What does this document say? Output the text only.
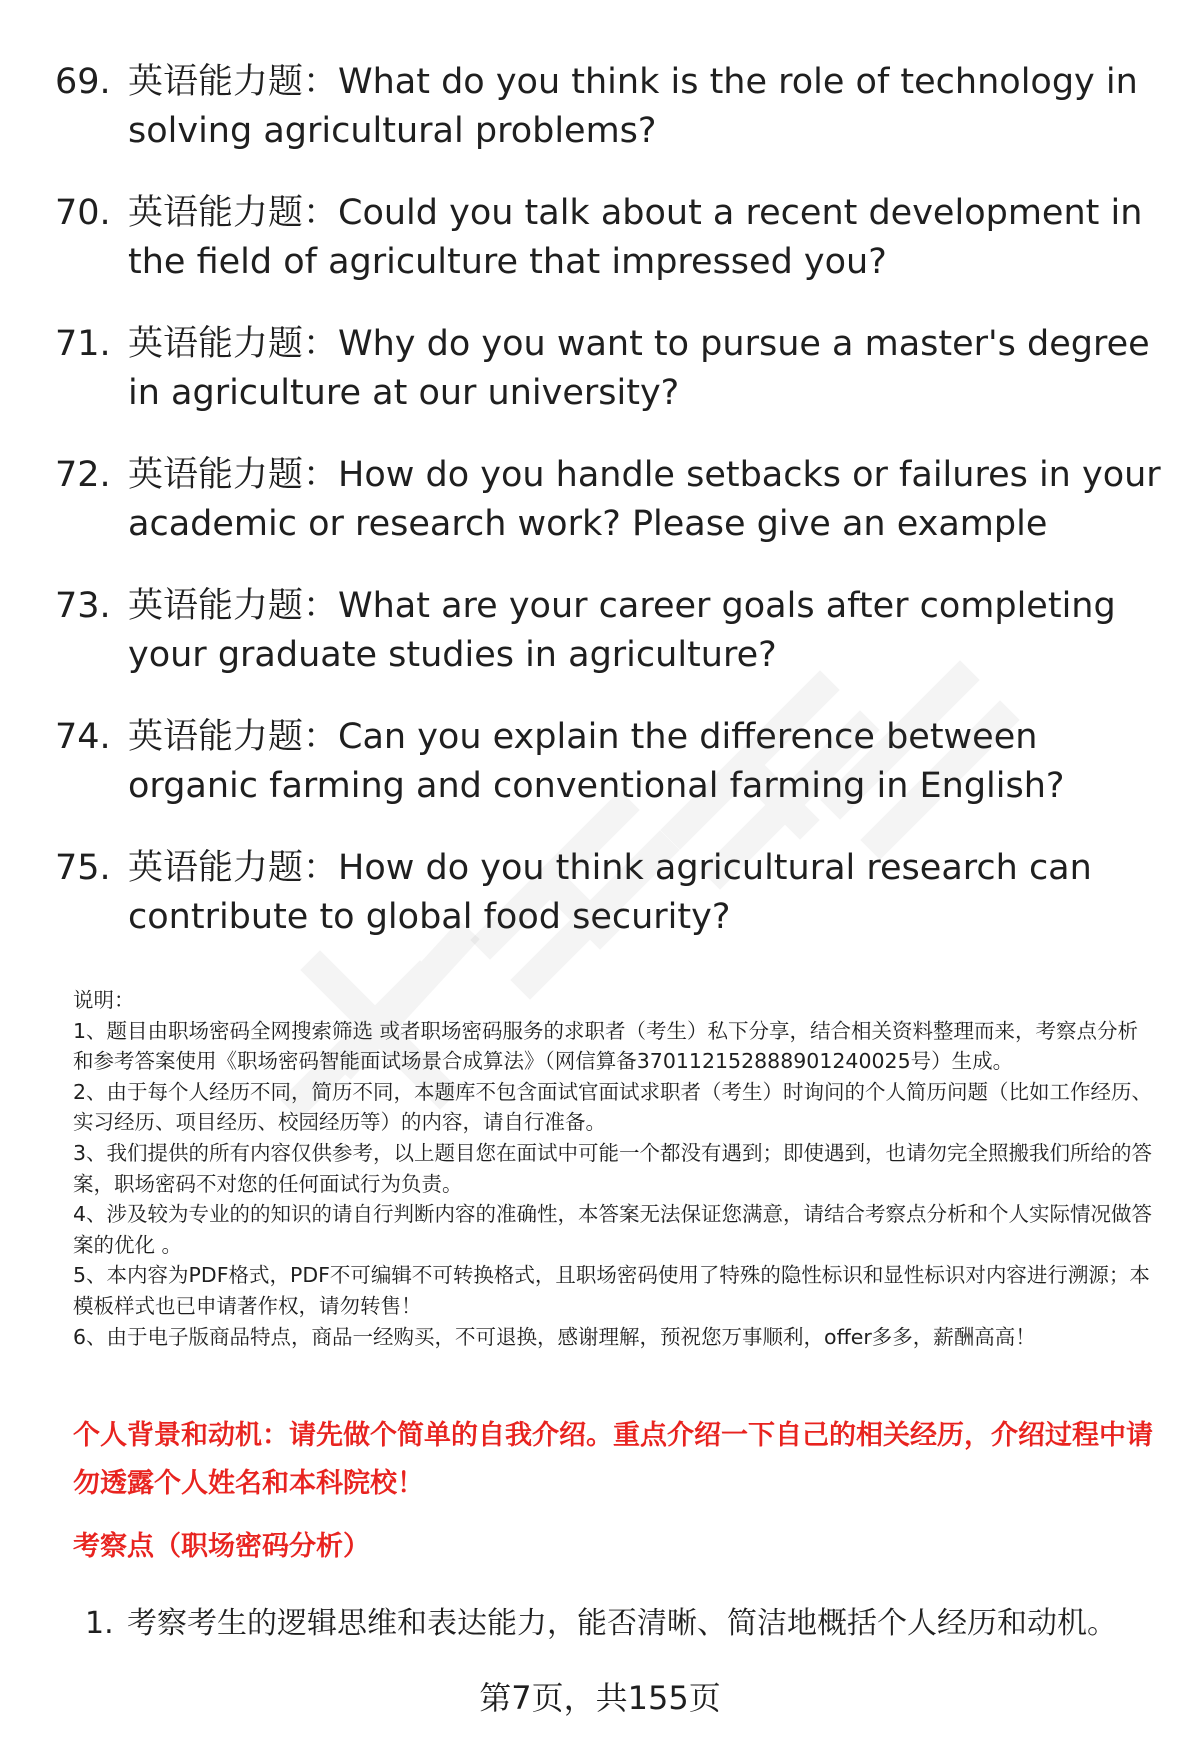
69. 英语能力题：What do you think is the role of technology in solving agricultural problems?
70. 英语能力题：Could you talk about a recent development in the field of agriculture that impressed you?
71. 英语能力题：Why do you want to pursue a master's degree in agriculture at our university?
72. 英语能力题：How do you handle setbacks or failures in your academic or research work? Please give an example
73. 英语能力题：What are your career goals after completing your graduate studies in agriculture?
74. 英语能力题：Can you explain the difference between organic farming and conventional farming in English?
75. 英语能力题：How do you think agricultural research can contribute to global food security?

说明：

1、题目由职场密码全网搜索筛选 或者职场密码服务的求职者（考生）私下分享，结合相关资料整理而来，考察点分析和参考答案使用《职场密码智能面试场景合成算法》（网信算备370112152888901240025号）生成。

2、由于每个人经历不同，简历不同，本题库不包含面试官面试求职者（考生）时询问的个人简历问题（比如工作经历、实习经历、项目经历、校园经历等）的内容，请自行准备。

3、我们提供的所有内容仅供参考，以上题目您在面试中可能一个都没有遇到；即使遇到，也请勿完全照搬我们所给的答案，职场密码不对您的任何面试行为负责。

4、涉及较为专业的的知识的请自行判断内容的准确性，本答案无法保证您满意，请结合考察点分析和个人实际情况做答案的优化 。

5、本内容为PDF格式，PDF不可编辑不可转换格式，且职场密码使用了特殊的隐性标识和显性标识对内容进行溯源；本模板样式也已申请著作权，请勿转售！

6、由于电子版商品特点，商品一经购买，不可退换，感谢理解，预祝您万事顺利，offer多多，薪酬高高！

个人背景和动机：请先做个简单的自我介绍。重点介绍一下自己的相关经历，介绍过程中请勿透露个人姓名和本科院校！
考察点（职场密码分析）
1. 考察考生的逻辑思维和表达能力，能否清晰、简洁地概括个人经历和动机。
第7页，共155页
